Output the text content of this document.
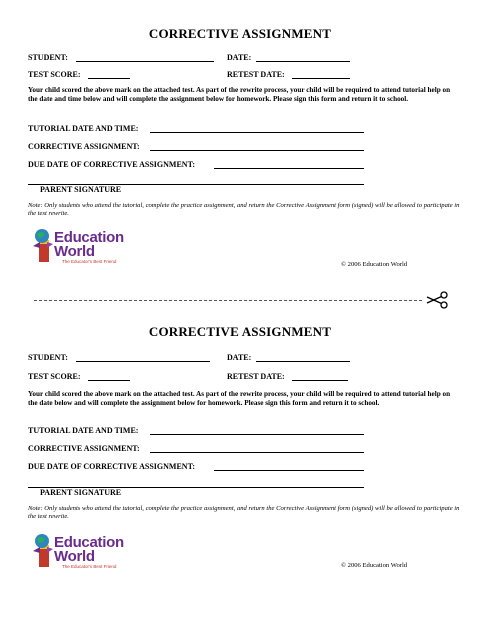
CORRECTIVE ASSIGNMENT
STUDENT:	DATE:
TEST SCORE:	RETEST DATE:
Your child scored the above mark on the attached test. As part of the rewrite process, your child will be required to attend tutorial help on the date and time below and will complete the assignment below for homework. Please sign this form and return it to school.
TUTORIAL DATE AND TIME:
CORRECTIVE ASSIGNMENT:
DUE DATE OF CORRECTIVE ASSIGNMENT:
PARENT SIGNATURE
Note: Only students who attend the tutorial, complete the practice assignment, and return the Corrective Assignment form (signed) will be allowed to participate in the test rewrite.
Education
World
The Educator's Best Friend	© 2006 Education World
CORRECTIVE ASSIGNMENT
STUDENT:	DATE:
TEST SCORE:	RETEST DATE:
Your child scored the above mark on the attached test. As part of the rewrite process, your child will be required to attend tutorial help on the date below and will complete the assignment below for homework. Please sign this form and return it to school.
TUTORIAL DATE AND TIME:
CORRECTIVE ASSIGNMENT:
DUE DATE OF CORRECTIVE ASSIGNMENT:
PARENT SIGNATURE
Note: Only students who attend the tutorial, complete the practice assignment, and return the Corrective Assignment form (signed) will be allowed to participate in the test rewrite.
Education
World
The Educator's Best Friend	© 2006 Education World
